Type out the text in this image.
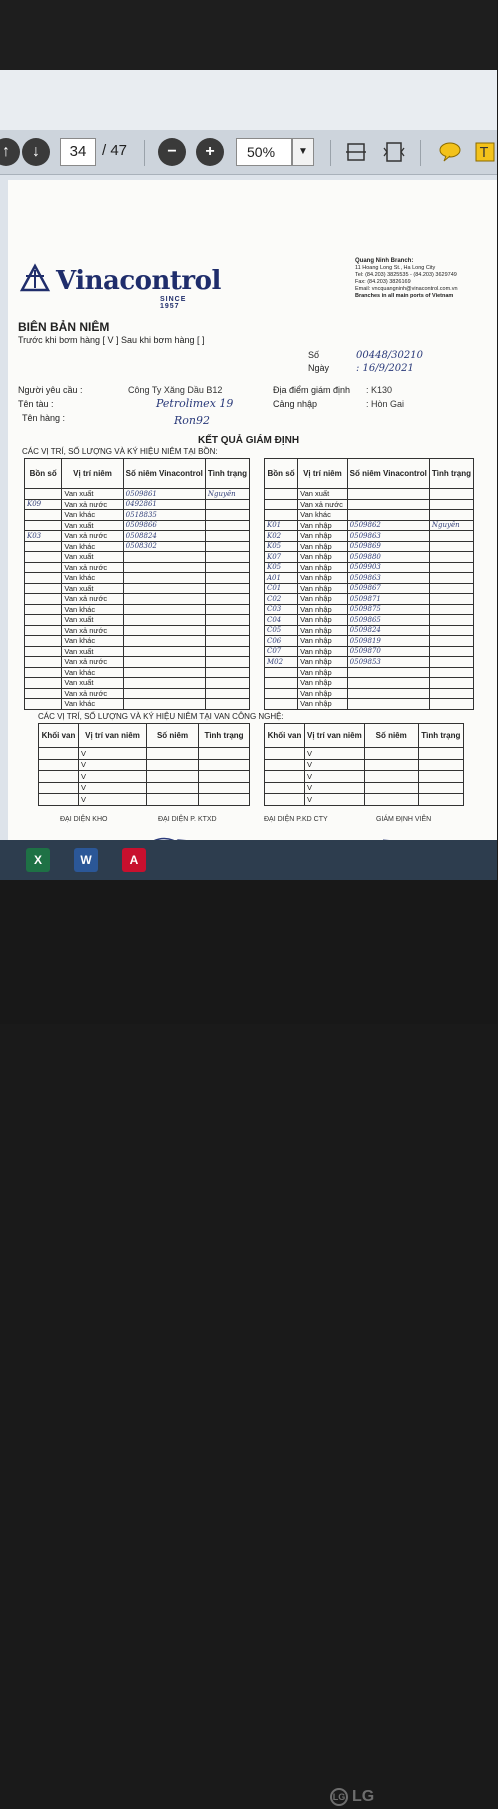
↑ ↓	34	/ 47	− +	50%	▼	T
Vinacontrol
SINCE 1957
Quang Ninh Branch:
11 Hoang Long St., Ha Long City
Tel: (84.203) 3825535 - (84.203) 3629749
Fax: (84.203) 3826169
Email: vncquangninh@vinacontrol.com.vn
Branches in all main ports of Vietnam
BIÊN BẢN NIÊM
Trước khi bơm hàng [ V ] Sau khi bơm hàng [ ]
Số	00448/30210
Ngày	: 16/9/2021
Người yêu cầu :	Công Ty Xăng Dầu B12	Địa điểm giám định : K130
Tên tàu :	Petrolimex 19	Cảng nhập	: Hòn Gai
Tên hàng :	Ron92
KẾT QUẢ GIÁM ĐỊNH
CÁC VỊ TRÍ, SỐ LƯỢNG VÀ KÝ HIỆU NIÊM TẠI BỒN:
Bồn số	Vị trí niêm	Số niêm Vinacontrol	Tình trạng
	Van xuất	0509861	Nguyên
K09	Van xả nước	0492861	
	Van khác	0518835	
	Van xuất	0509866	
K03	Van xả nước	0508824	
	Van khác	0508302	
	Van xuất		
	Van xả nước		
	Van khác		
	Van xuất		
	Van xả nước		
	Van khác		
	Van xuất		
	Van xả nước		
	Van khác		
	Van xuất		
	Van xả nước		
	Van khác		
	Van xuất		
	Van xả nước		
	Van khác		
Bồn số	Vị trí niêm	Số niêm Vinacontrol	Tình trạng
	Van xuất		
	Van xả nước		
	Van khác		
K01	Van nhập	0509862	Nguyên
K02	Van nhập	0509863	
K05	Van nhập	0509869	
K07	Van nhập	0509880	
K05	Van nhập	0509903	
A01	Van nhập	0509863	
C01	Van nhập	0509867	
C02	Van nhập	0509871	
C03	Van nhập	0509875	
C04	Van nhập	0509865	
C05	Van nhập	0509824	
C06	Van nhập	0509819	
C07	Van nhập	0509870	
M02	Van nhập	0509853	
	Van nhập		
	Van nhập		
	Van nhập		
	Van nhập		
CÁC VỊ TRÍ, SỐ LƯỢNG VÀ KÝ HIỆU NIÊM TẠI VAN CÔNG NGHỆ:
Khối van	Vị trí van niêm	Số niêm	Tình trạng
	V		
	V		
	V		
	V		
	V		
Khối van	Vị trí van niêm	Số niêm	Tình trạng
	V		
	V		
	V		
	V		
	V		
ĐẠI DIỆN KHO	ĐẠI DIỆN P. KTXD	ĐẠI DIỆN P.KD CTY	GIÁM ĐỊNH VIÊN
X	W	A
LG LG
